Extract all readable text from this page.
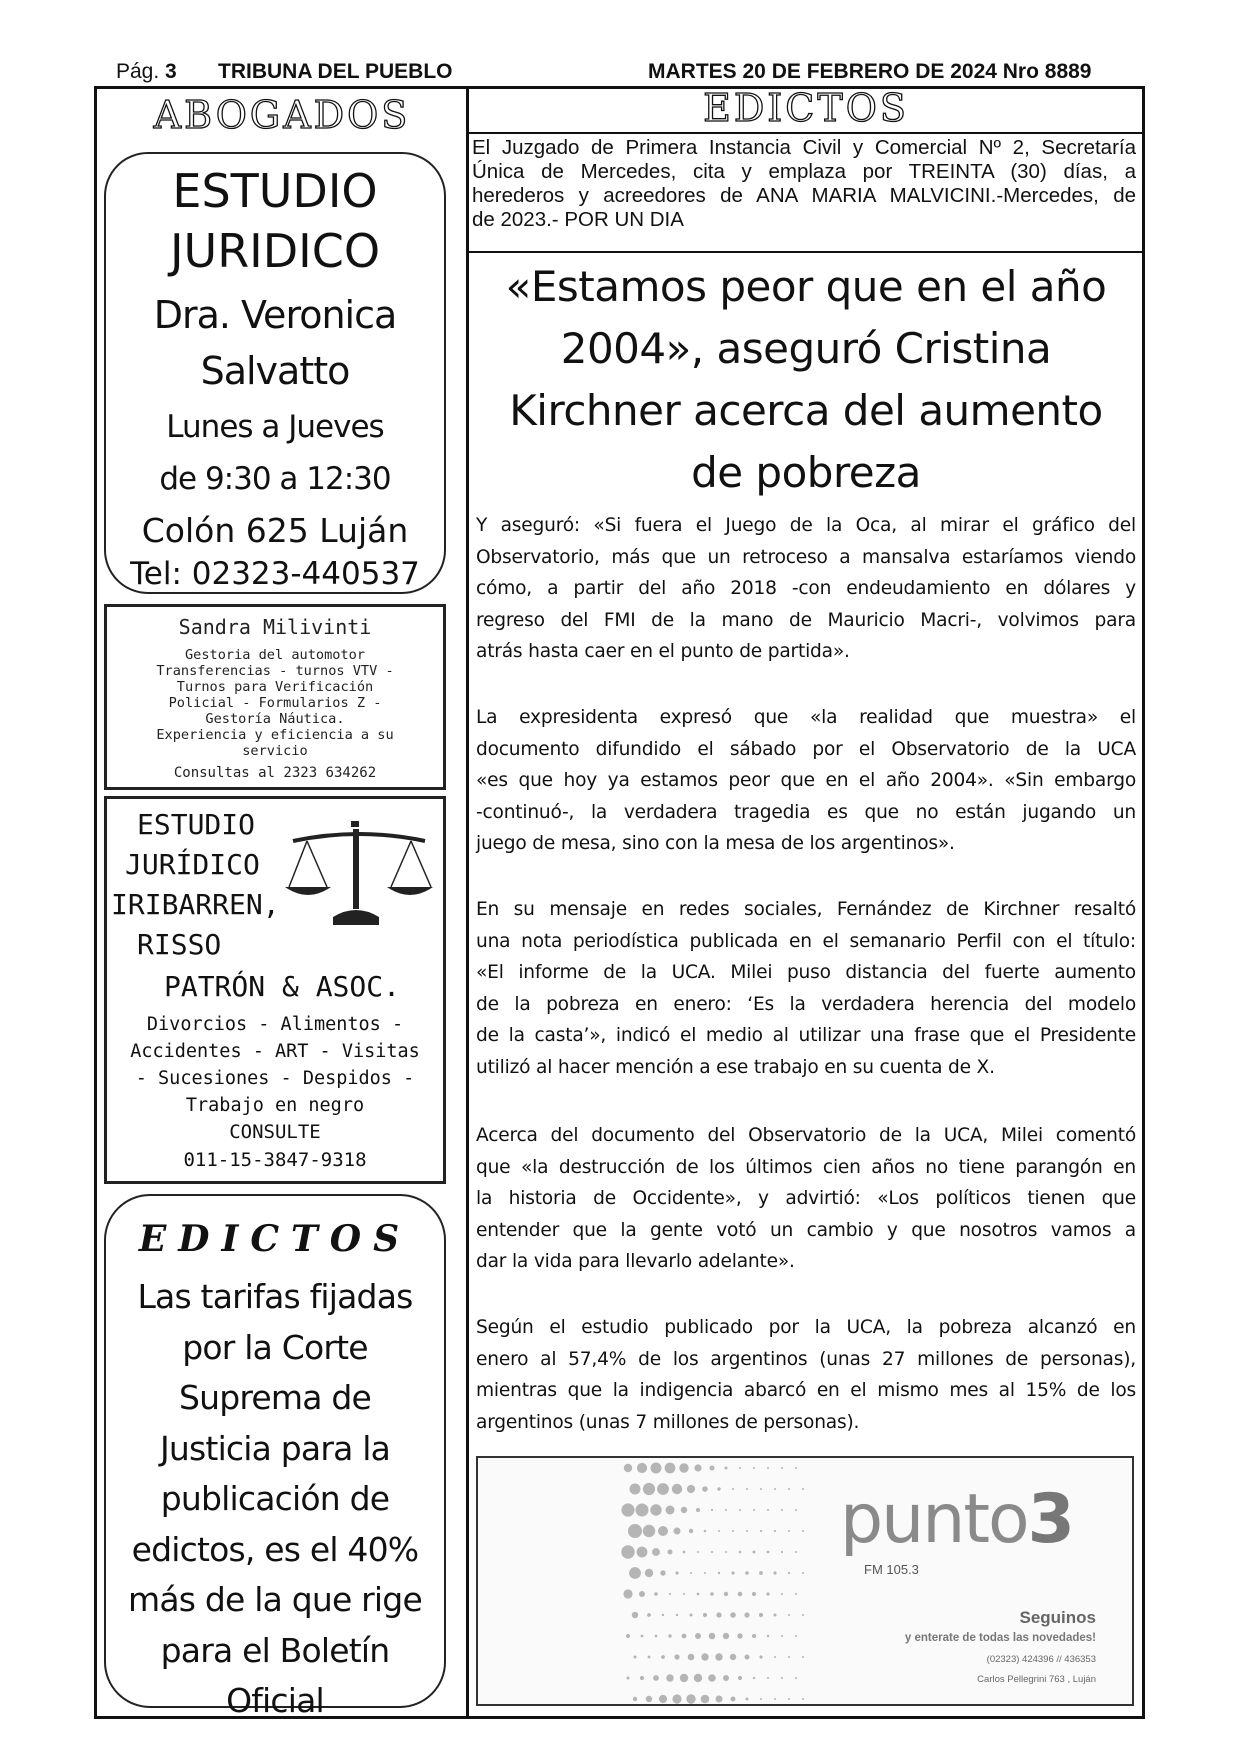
Pág. 3 TRIBUNA DEL PUEBLO	MARTES 20 DE FEBRERO DE 2024 Nro 8889
ABOGADOS
ESTUDIO
JURIDICO
Dra. Veronica
Salvatto
Lunes a Jueves
de 9:30 a 12:30
Colón 625 Luján
Tel: 02323-440537
Sandra Milivinti
Gestoria del automotor
Transferencias - turnos VTV -
Turnos para Verificación
Policial - Formularios Z -
Gestoría Náutica.
Experiencia y eficiencia a su
servicio
Consultas al 2323 634262
ESTUDIO
JURÍDICO
IRIBARREN,
RISSO
PATRÓN & ASOC.
Divorcios - Alimentos -
Accidentes - ART - Visitas
- Sucesiones - Despidos -
Trabajo en negro
CONSULTE
011-15-3847-9318
EDICTOS
Las tarifas fijadas
por la Corte
Suprema de
Justicia para la
publicación de
edictos, es el 40%
más de la que rige
para el Boletín
Oficial
EDICTOS
El Juzgado de Primera Instancia Civil y Comercial Nº 2, Secretaría
Única de Mercedes, cita y emplaza por TREINTA (30) días, a
herederos y acreedores de ANA MARIA MALVICINI.-Mercedes, de
de 2023.- POR UN DIA
«Estamos peor que en el año
2004», aseguró Cristina
Kirchner acerca del aumento
de pobreza
Y aseguró: «Si fuera el Juego de la Oca, al mirar el gráfico del
Observatorio, más que un retroceso a mansalva estaríamos viendo
cómo, a partir del año 2018 -con endeudamiento en dólares y
regreso del FMI de la mano de Mauricio Macri-, volvimos para
atrás hasta caer en el punto de partida».
La expresidenta expresó que «la realidad que muestra» el
documento difundido el sábado por el Observatorio de la UCA
«es que hoy ya estamos peor que en el año 2004». «Sin embargo
-continuó-, la verdadera tragedia es que no están jugando un
juego de mesa, sino con la mesa de los argentinos».
En su mensaje en redes sociales, Fernández de Kirchner resaltó
una nota periodística publicada en el semanario Perfil con el título:
«El informe de la UCA. Milei puso distancia del fuerte aumento
de la pobreza en enero: ‘Es la verdadera herencia del modelo
de la casta’», indicó el medio al utilizar una frase que el Presidente
utilizó al hacer mención a ese trabajo en su cuenta de X.
Acerca del documento del Observatorio de la UCA, Milei comentó
que «la destrucción de los últimos cien años no tiene parangón en
la historia de Occidente», y advirtió: «Los políticos tienen que
entender que la gente votó un cambio y que nosotros vamos a
dar la vida para llevarlo adelante».
Según el estudio publicado por la UCA, la pobreza alcanzó en
enero al 57,4% de los argentinos (unas 27 millones de personas),
mientras que la indigencia abarcó en el mismo mes al 15% de los
argentinos (unas 7 millones de personas).
punto3
FM 105.3
Seguinos
y enterate de todas las novedades!
(02323) 424396 // 436353
Carlos Pellegrini 763 , Luján
